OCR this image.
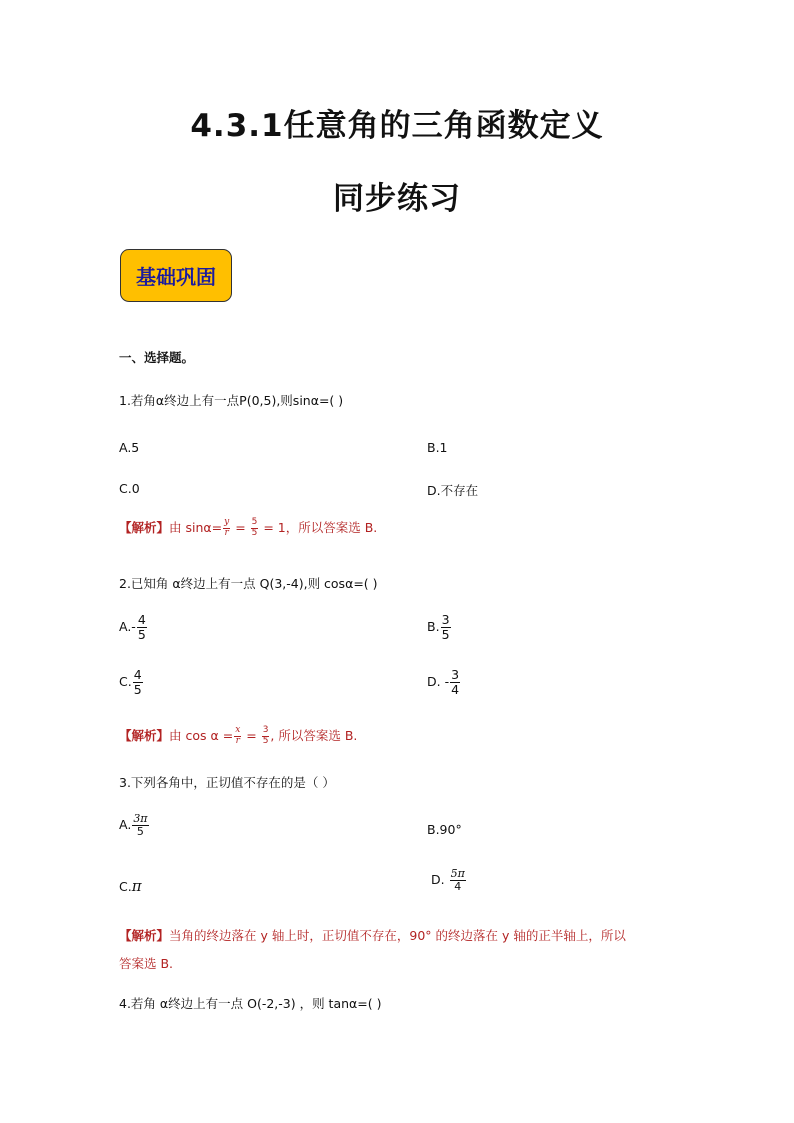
4.3.1任意角的三角函数定义
同步练习
基础巩固
一、选择题。
1.若角α终边上有一点P(0,5),则sinα=( )
A.5	B.1
C.0	D.不存在
【解析】由 $\sin\alpha= \frac{y}{r} = \frac{5}{5} = 1$，所以答案选 B.
2.已知角 α终边上有一点 Q(3,-4),则 cosα=( )
$A.- \frac{4}{5}$	B. $\frac{3}{5}$
C. $\frac{4}{5}$	D. - $\frac{3}{4}$
【解析】由 $\cos \alpha = \frac{x}{r} = \frac{3}{5}$ , 所以答案选 B.
3.下列各角中，正切值不存在的是（ ）
A. $\frac{3\pi}{5}$	B.90°
C.π	D. $\frac{5\pi}{4}$
【解析】当角的终边落在 y 轴上时，正切值不存在，90° 的终边落在 y 轴的正半轴上，所以
答案选 B.
4.若角 α终边上有一点 O(-2,-3) ，则 tanα=( )
